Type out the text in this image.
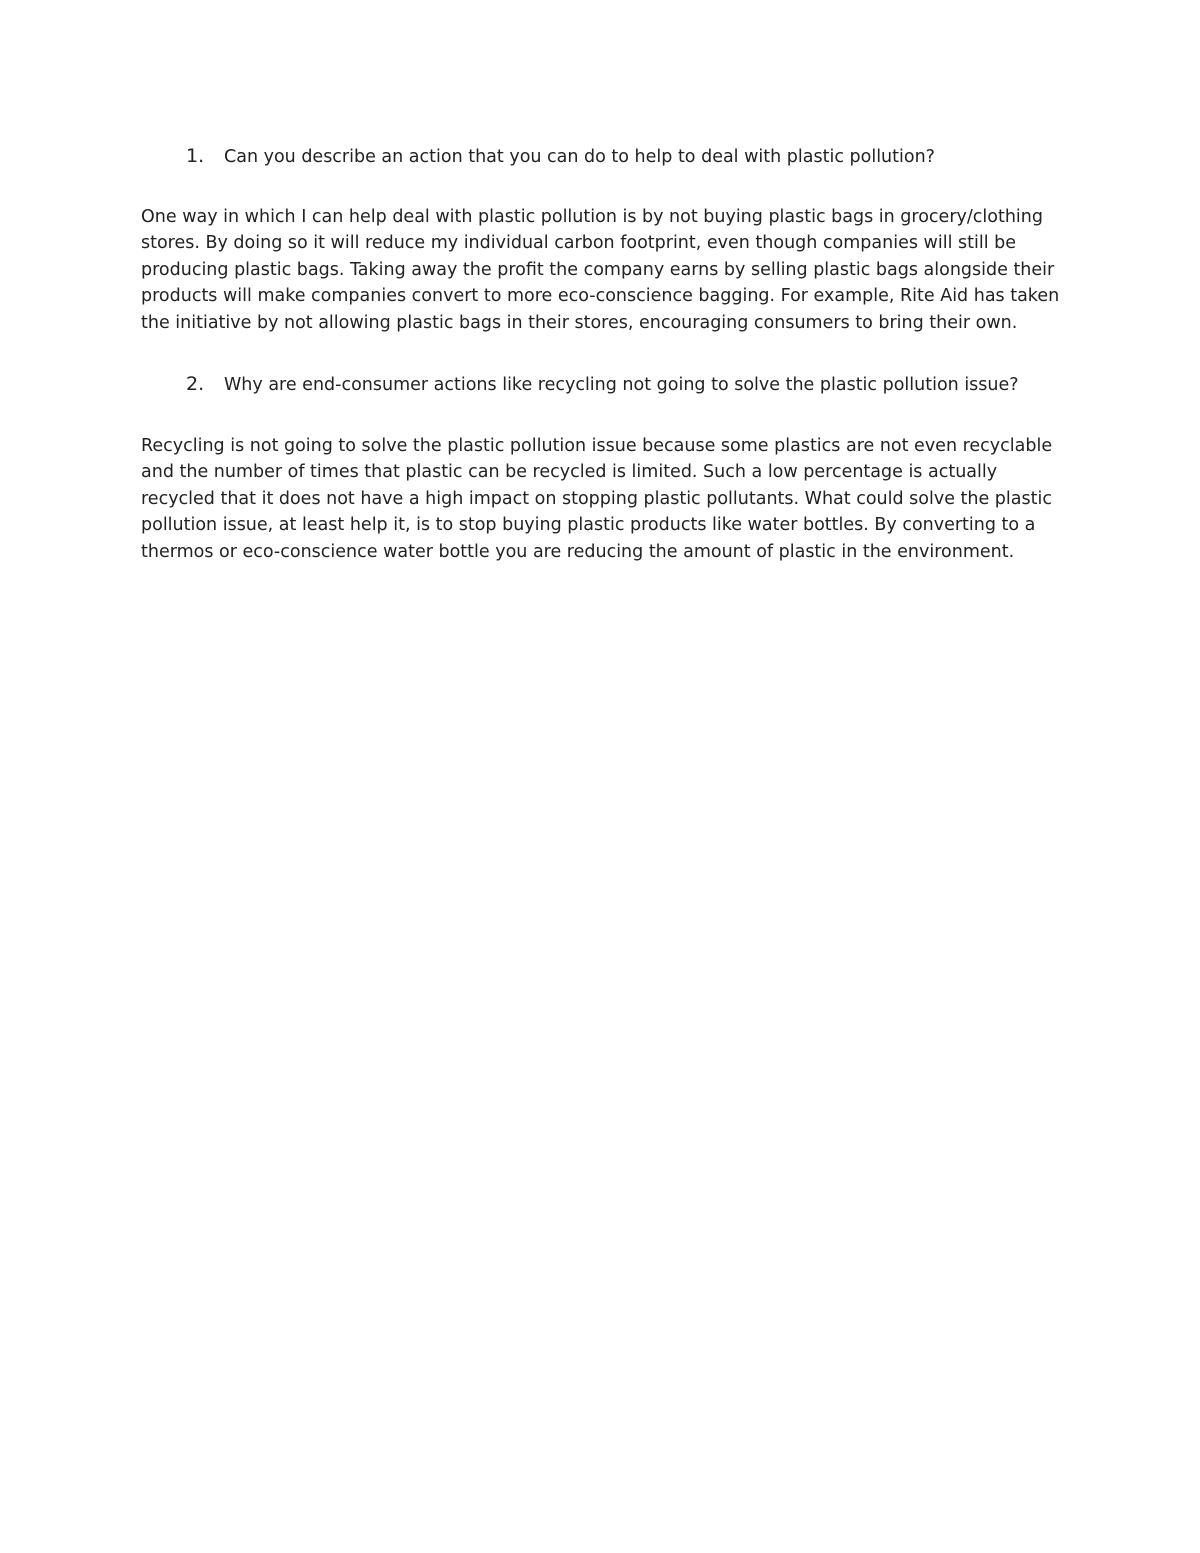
1.	Can you describe an action that you can do to help to deal with plastic pollution?
One way in which I can help deal with plastic pollution is by not buying plastic bags in grocery/clothing
stores. By doing so it will reduce my individual carbon footprint, even though companies will still be
producing plastic bags. Taking away the profit the company earns by selling plastic bags alongside their
products will make companies convert to more eco-conscience bagging. For example, Rite Aid has taken
the initiative by not allowing plastic bags in their stores, encouraging consumers to bring their own.
2.	Why are end-consumer actions like recycling not going to solve the plastic pollution issue?
Recycling is not going to solve the plastic pollution issue because some plastics are not even recyclable
and the number of times that plastic can be recycled is limited. Such a low percentage is actually
recycled that it does not have a high impact on stopping plastic pollutants. What could solve the plastic
pollution issue, at least help it, is to stop buying plastic products like water bottles. By converting to a
thermos or eco-conscience water bottle you are reducing the amount of plastic in the environment.
